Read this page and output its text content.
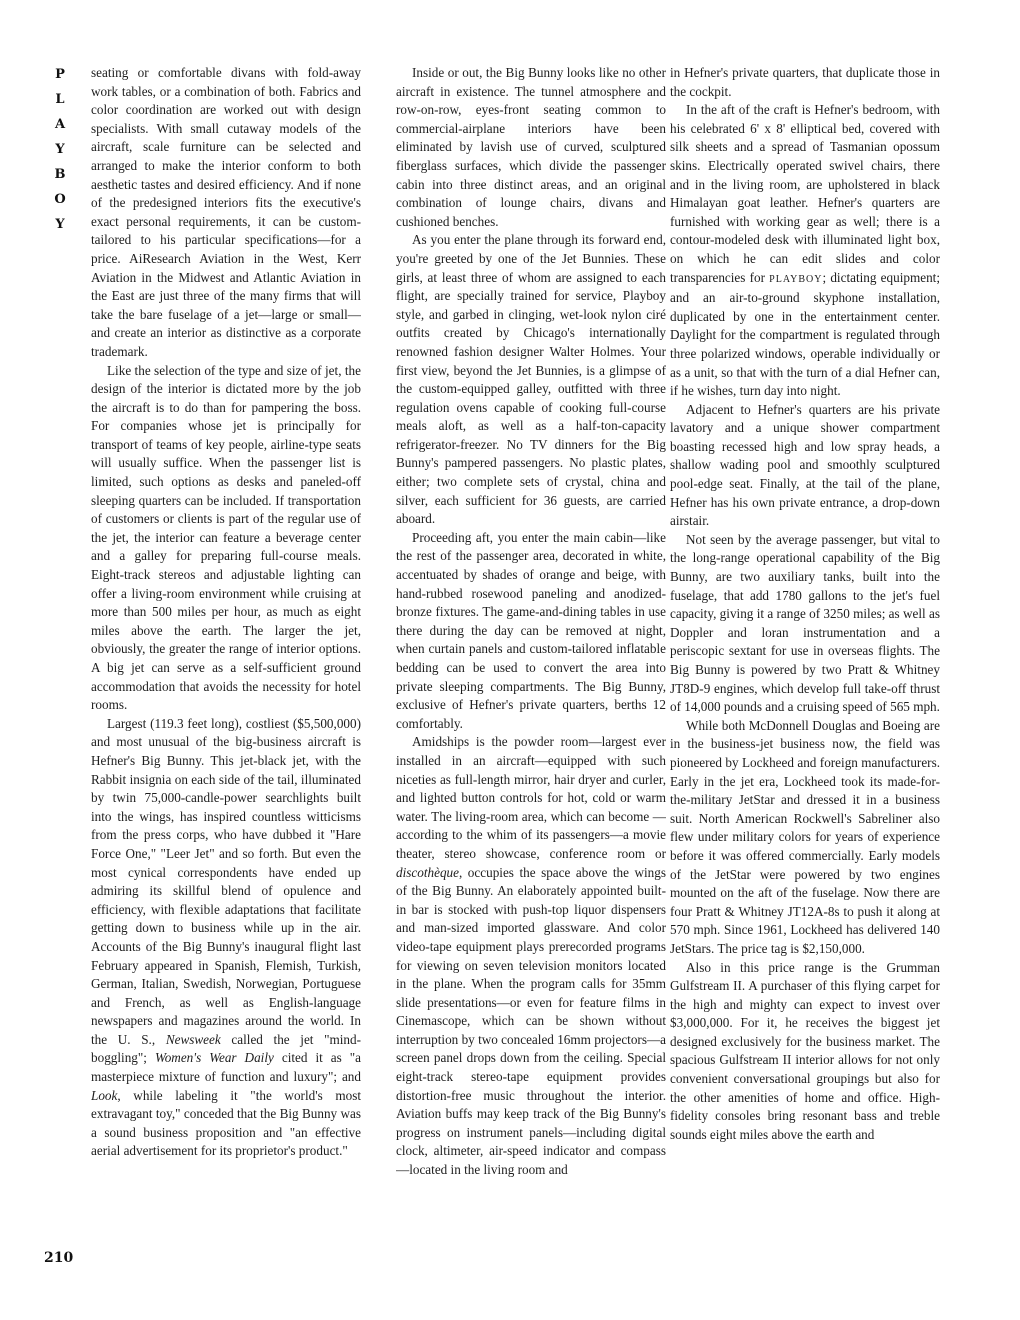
P
L
A
Y
B
O
Y
210

seating or comfortable divans with fold-away work tables, or a combination of both. Fabrics and color coordination are worked out with design specialists. With small cutaway models of the aircraft, scale furniture can be selected and arranged to make the interior conform to both aesthetic tastes and desired efficiency. And if none of the predesigned interiors fits the executive's exact personal requirements, it can be custom-tailored to his particular specifications—for a price. AiResearch Aviation in the West, Kerr Aviation in the Midwest and Atlantic Aviation in the East are just three of the many firms that will take the bare fuselage of a jet—large or small—and create an interior as distinctive as a corporate trademark.

Like the selection of the type and size of jet, the design of the interior is dictated more by the job the aircraft is to do than for pampering the boss. For companies whose jet is principally for transport of teams of key people, airline-type seats will usually suffice. When the passenger list is limited, such options as desks and paneled-off sleeping quarters can be included. If transportation of customers or clients is part of the regular use of the jet, the interior can feature a beverage center and a galley for preparing full-course meals. Eight-track stereos and adjustable lighting can offer a living-room environment while cruising at more than 500 miles per hour, as much as eight miles above the earth. The larger the jet, obviously, the greater the range of interior options. A big jet can serve as a self-sufficient ground accommodation that avoids the necessity for hotel rooms.

Largest (119.3 feet long), costliest ($5,500,000) and most unusual of the big-business aircraft is Hefner's Big Bunny. This jet-black jet, with the Rabbit insignia on each side of the tail, illuminated by twin 75,000-candle-power searchlights built into the wings, has inspired countless witticisms from the press corps, who have dubbed it "Hare Force One," "Leer Jet" and so forth. But even the most cynical correspondents have ended up admiring its skillful blend of opulence and efficiency, with flexible adaptations that facilitate getting down to business while up in the air. Accounts of the Big Bunny's inaugural flight last February appeared in Spanish, Flemish, Turkish, German, Italian, Swedish, Norwegian, Portuguese and French, as well as English-language newspapers and magazines around the world. In the U. S., Newsweek called the jet "mind-boggling"; Women's Wear Daily cited it as "a masterpiece mixture of function and luxury"; and Look, while labeling it "the world's most extravagant toy," conceded that the Big Bunny was a sound business proposition and "an effective aerial advertisement for its proprietor's product."

Inside or out, the Big Bunny looks like no other aircraft in existence. The tunnel atmosphere and row-on-row, eyes-front seating common to commercial-airplane interiors have been eliminated by lavish use of curved, sculptured fiberglass surfaces, which divide the passenger cabin into three distinct areas, and an original combination of lounge chairs, divans and cushioned benches.

As you enter the plane through its forward end, you're greeted by one of the Jet Bunnies. These girls, at least three of whom are assigned to each flight, are specially trained for service, Playboy style, and garbed in clinging, wet-look nylon ciré outfits created by Chicago's internationally renowned fashion designer Walter Holmes. Your first view, beyond the Jet Bunnies, is a glimpse of the custom-equipped galley, outfitted with three regulation ovens capable of cooking full-course meals aloft, as well as a half-ton-capacity refrigerator-freezer. No TV dinners for the Big Bunny's pampered passengers. No plastic plates, either; two complete sets of crystal, china and silver, each sufficient for 36 guests, are carried aboard.

Proceeding aft, you enter the main cabin—like the rest of the passenger area, decorated in white, accentuated by shades of orange and beige, with hand-rubbed rosewood paneling and anodized-bronze fixtures. The game-and-dining tables in use there during the day can be removed at night, when curtain panels and custom-tailored inflatable bedding can be used to convert the area into private sleeping compartments. The Big Bunny, exclusive of Hefner's private quarters, berths 12 comfortably.

Amidships is the powder room—largest ever installed in an aircraft—equipped with such niceties as full-length mirror, hair dryer and curler, and lighted button controls for hot, cold or warm water. The living-room area, which can become —according to the whim of its passengers—a movie theater, stereo showcase, conference room or discothèque, occupies the space above the wings of the Big Bunny. An elaborately appointed built-in bar is stocked with push-top liquor dispensers and man-sized imported glassware. And color video-tape equipment plays prerecorded programs for viewing on seven television monitors located in the plane. When the program calls for 35mm slide presentations—or even for feature films in Cinemascope, which can be shown without interruption by two concealed 16mm projectors—a screen panel drops down from the ceiling. Special eight-track stereo-tape equipment provides distortion-free music throughout the interior. Aviation buffs may keep track of the Big Bunny's progress on instrument panels—including digital clock, altimeter, air-speed indicator and compass—located in the living room and

in Hefner's private quarters, that duplicate those in the cockpit.

In the aft of the craft is Hefner's bedroom, with his celebrated 6' x 8' elliptical bed, covered with silk sheets and a spread of Tasmanian opossum skins. Electrically operated swivel chairs, there and in the living room, are upholstered in black Himalayan goat leather. Hefner's quarters are furnished with working gear as well; there is a contour-modeled desk with illuminated light box, on which he can edit slides and color transparencies for PLAYBOY; dictating equipment; and an air-to-ground skyphone installation, duplicated by one in the entertainment center. Daylight for the compartment is regulated through three polarized windows, operable individually or as a unit, so that with the turn of a dial Hefner can, if he wishes, turn day into night.

Adjacent to Hefner's quarters are his private lavatory and a unique shower compartment boasting recessed high and low spray heads, a shallow wading pool and smoothly sculptured pool-edge seat. Finally, at the tail of the plane, Hefner has his own private entrance, a drop-down airstair.

Not seen by the average passenger, but vital to the long-range operational capability of the Big Bunny, are two auxiliary tanks, built into the fuselage, that add 1780 gallons to the jet's fuel capacity, giving it a range of 3250 miles; as well as Doppler and loran instrumentation and a periscopic sextant for use in overseas flights. The Big Bunny is powered by two Pratt & Whitney JT8D-9 engines, which develop full take-off thrust of 14,000 pounds and a cruising speed of 565 mph.

While both McDonnell Douglas and Boeing are in the business-jet business now, the field was pioneered by Lockheed and foreign manufacturers. Early in the jet era, Lockheed took its made-for-the-military JetStar and dressed it in a business suit. North American Rockwell's Sabreliner also flew under military colors for years of experience before it was offered commercially. Early models of the JetStar were powered by two engines mounted on the aft of the fuselage. Now there are four Pratt & Whitney JT12A-8s to push it along at 570 mph. Since 1961, Lockheed has delivered 140 JetStars. The price tag is $2,150,000.

Also in this price range is the Grumman Gulfstream II. A purchaser of this flying carpet for the high and mighty can expect to invest over $3,000,000. For it, he receives the biggest jet designed exclusively for the business market. The spacious Gulfstream II interior allows for not only convenient conversational groupings but also for the other amenities of home and office. High-fidelity consoles bring resonant bass and treble sounds eight miles above the earth and
